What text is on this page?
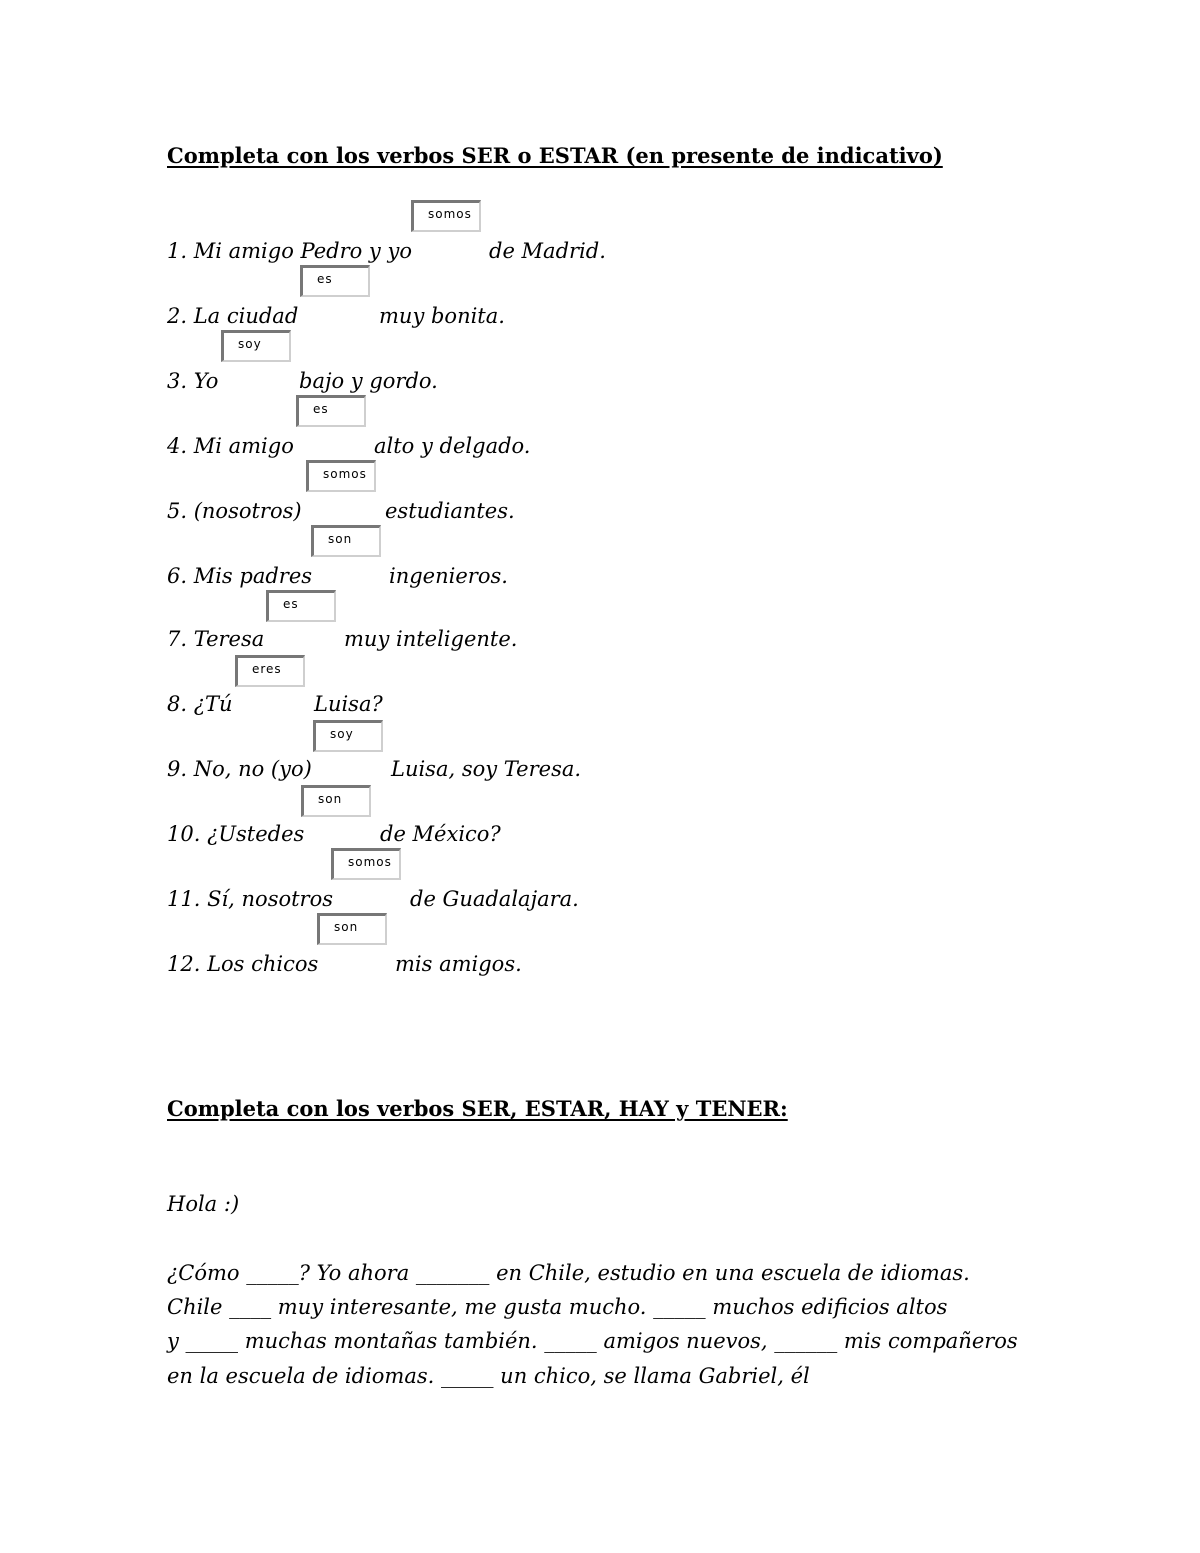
Completa con los verbos SER o ESTAR (en presente de indicativo)
somos
1. Mi amigo Pedro y yo	de Madrid.
es
2. La ciudad	muy bonita.
soy
3. Yo	bajo y gordo.
es
4. Mi amigo	alto y delgado.
somos
5. (nosotros)	estudiantes.
son
6. Mis padres	ingenieros.
es
7. Teresa	muy inteligente.
eres
8. ¿Tú	Luisa?
soy
9. No, no (yo)	Luisa, soy Teresa.
son
10. ¿Ustedes	de México?
somos
11. Sí, nosotros	de Guadalajara.
son
12. Los chicos	mis amigos.
Completa con los verbos SER, ESTAR, HAY y TENER:
Hola :)
¿Cómo _____? Yo ahora _______ en Chile, estudio en una escuela de idiomas.
Chile ____ muy interesante, me gusta mucho. _____ muchos edificios altos
y _____ muchas montañas también. _____ amigos nuevos, ______ mis compañeros
en la escuela de idiomas. _____ un chico, se llama Gabriel, él
